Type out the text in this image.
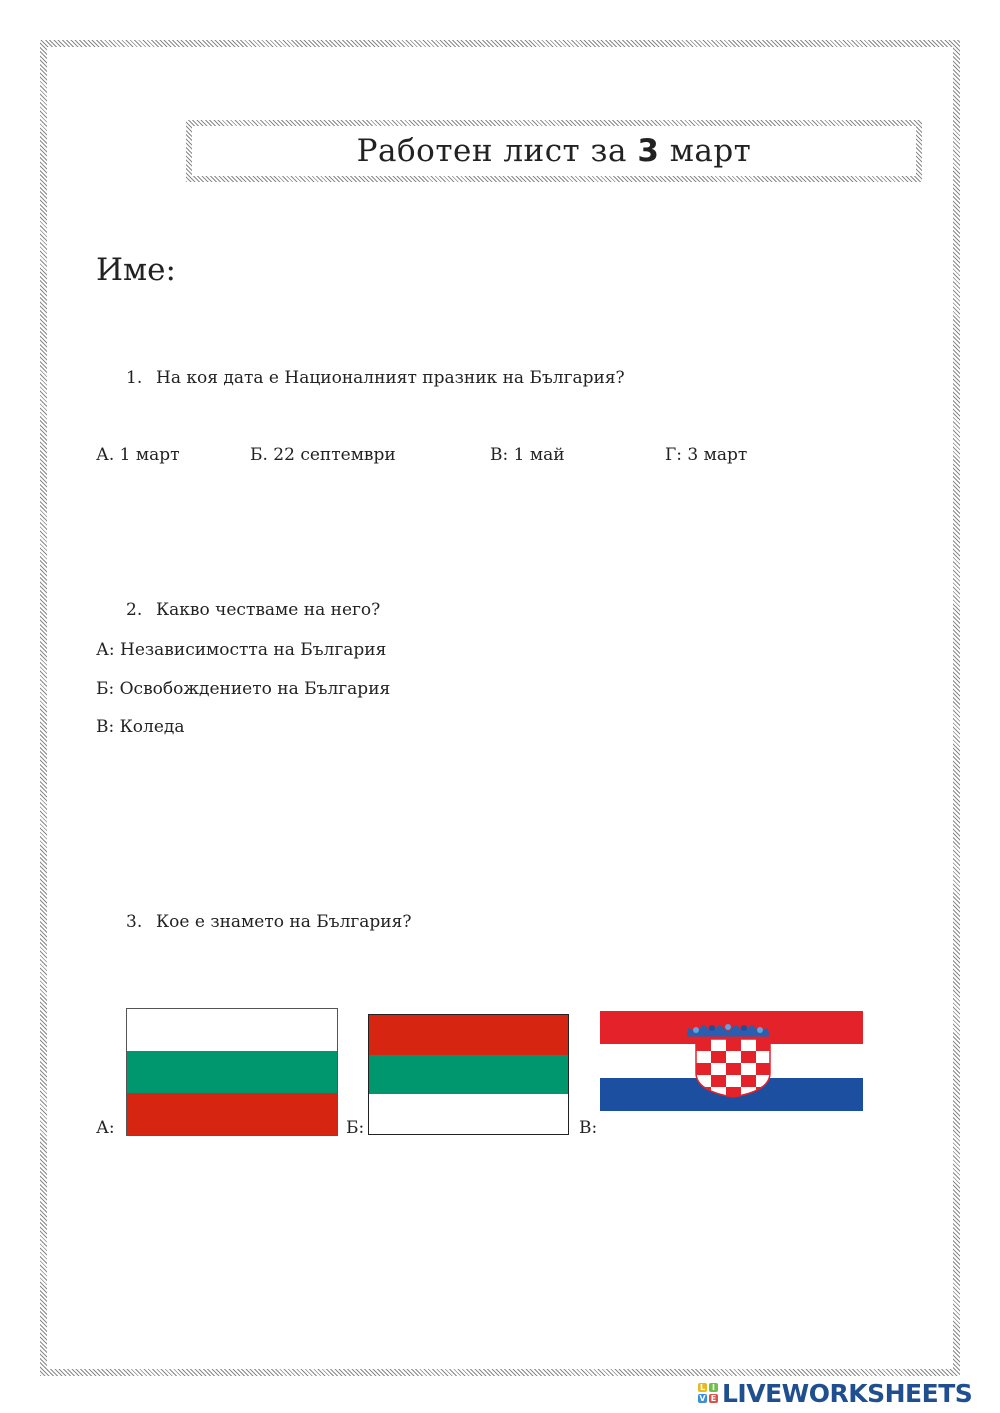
Работен лист за 3 март
Име:
1. На коя дата е Националният празник на България?
А. 1 март	Б. 22 септември	В: 1 май	Г: 3 март
2. Какво честваме на него?
А: Независимостта на България
Б: Освобождението на България
В: Коледа
3. Кое е знамето на България?
А:	Б:	В:
L I
V E LIVEWORKSHEETS
